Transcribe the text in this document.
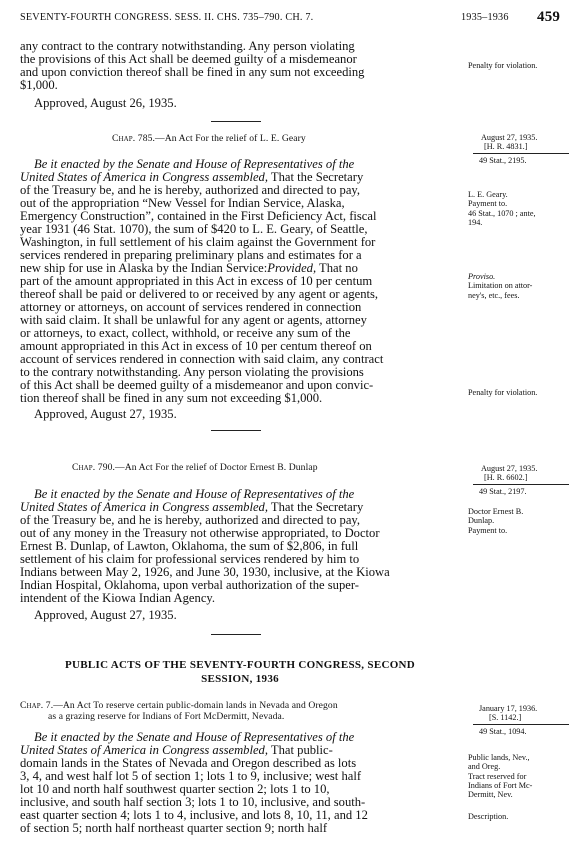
SEVENTY-FOURTH CONGRESS. SESS. II. CHS. 735–790. CH. 7.	1935–1936 459
any contract to the contrary notwithstanding. Any person violating
the provisions of this Act shall be deemed guilty of a misdemeanor
and upon conviction thereof shall be fined in any sum not exceeding
$1,000.
Approved, August 26, 1935.
Penalty for violation.
Chap. 785.—An Act For the relief of L. E. Geary	August 27, 1935.
[H. R. 4831.]
49 Stat., 2195.
Be it enacted by the Senate and House of Representatives of the
United States of America in Congress assembled, That the Secretary
of the Treasury be, and he is hereby, authorized and directed to pay,
out of the appropriation “New Vessel for Indian Service, Alaska,
Emergency Construction”, contained in the First Deficiency Act, fiscal
year 1931 (46 Stat. 1070), the sum of $420 to L. E. Geary, of Seattle,
Washington, in full settlement of his claim against the Government for
services rendered in preparing preliminary plans and estimates for a
new ship for use in Alaska by the Indian Service:Provided, That no
part of the amount appropriated in this Act in excess of 10 per centum
thereof shall be paid or delivered to or received by any agent or agents,
attorney or attorneys, on account of services rendered in connection
with said claim. It shall be unlawful for any agent or agents, attorney
or attorneys, to exact, collect, withhold, or receive any sum of the
amount appropriated in this Act in excess of 10 per centum thereof on
account of services rendered in connection with said claim, any contract
to the contrary notwithstanding. Any person violating the provisions
of this Act shall be deemed guilty of a misdemeanor and upon convic-
tion thereof shall be fined in any sum not exceeding $1,000.
Approved, August 27, 1935.
L. E. Geary.
Payment to.
46 Stat., 1070 ; ante,
194.
Proviso.
Limitation on attor-
ney's, etc., fees.
Penalty for violation.
Chap. 790.—An Act For the relief of Doctor Ernest B. Dunlap	August 27, 1935.
[H. R. 6602.]
49 Stat., 2197.
Be it enacted by the Senate and House of Representatives of the
United States of America in Congress assembled, That the Secretary
of the Treasury be, and he is hereby, authorized and directed to pay,
out of any money in the Treasury not otherwise appropriated, to Doctor
Ernest B. Dunlap, of Lawton, Oklahoma, the sum of $2,806, in full
settlement of his claim for professional services rendered by him to
Indians between May 2, 1926, and June 30, 1930, inclusive, at the Kiowa
Indian Hospital, Oklahoma, upon verbal authorization of the super-
intendent of the Kiowa Indian Agency.
Approved, August 27, 1935.
Doctor Ernest B.
Dunlap.
Payment to.
PUBLIC ACTS OF THE SEVENTY-FOURTH CONGRESS, SECOND
SESSION, 1936
Chap. 7.—An Act To reserve certain public-domain lands in Nevada and Oregon
as a grazing reserve for Indians of Fort McDermitt, Nevada.
January 17, 1936.
[S. 1142.]
49 Stat., 1094.
Be it enacted by the Senate and House of Representatives of the
United States of America in Congress assembled, That public-
domain lands in the States of Nevada and Oregon described as lots
3, 4, and west half lot 5 of section 1; lots 1 to 9, inclusive; west half
lot 10 and north half southwest quarter section 2; lots 1 to 10,
inclusive, and south half section 3; lots 1 to 10, inclusive, and south-
east quarter section 4; lots 1 to 4, inclusive, and lots 8, 10, 11, and 12
of section 5; north half northeast quarter section 9; north half
Public lands, Nev.,
and Oreg.
Tract reserved for
Indians of Fort Mc-
Dermitt, Nev.
Description.
